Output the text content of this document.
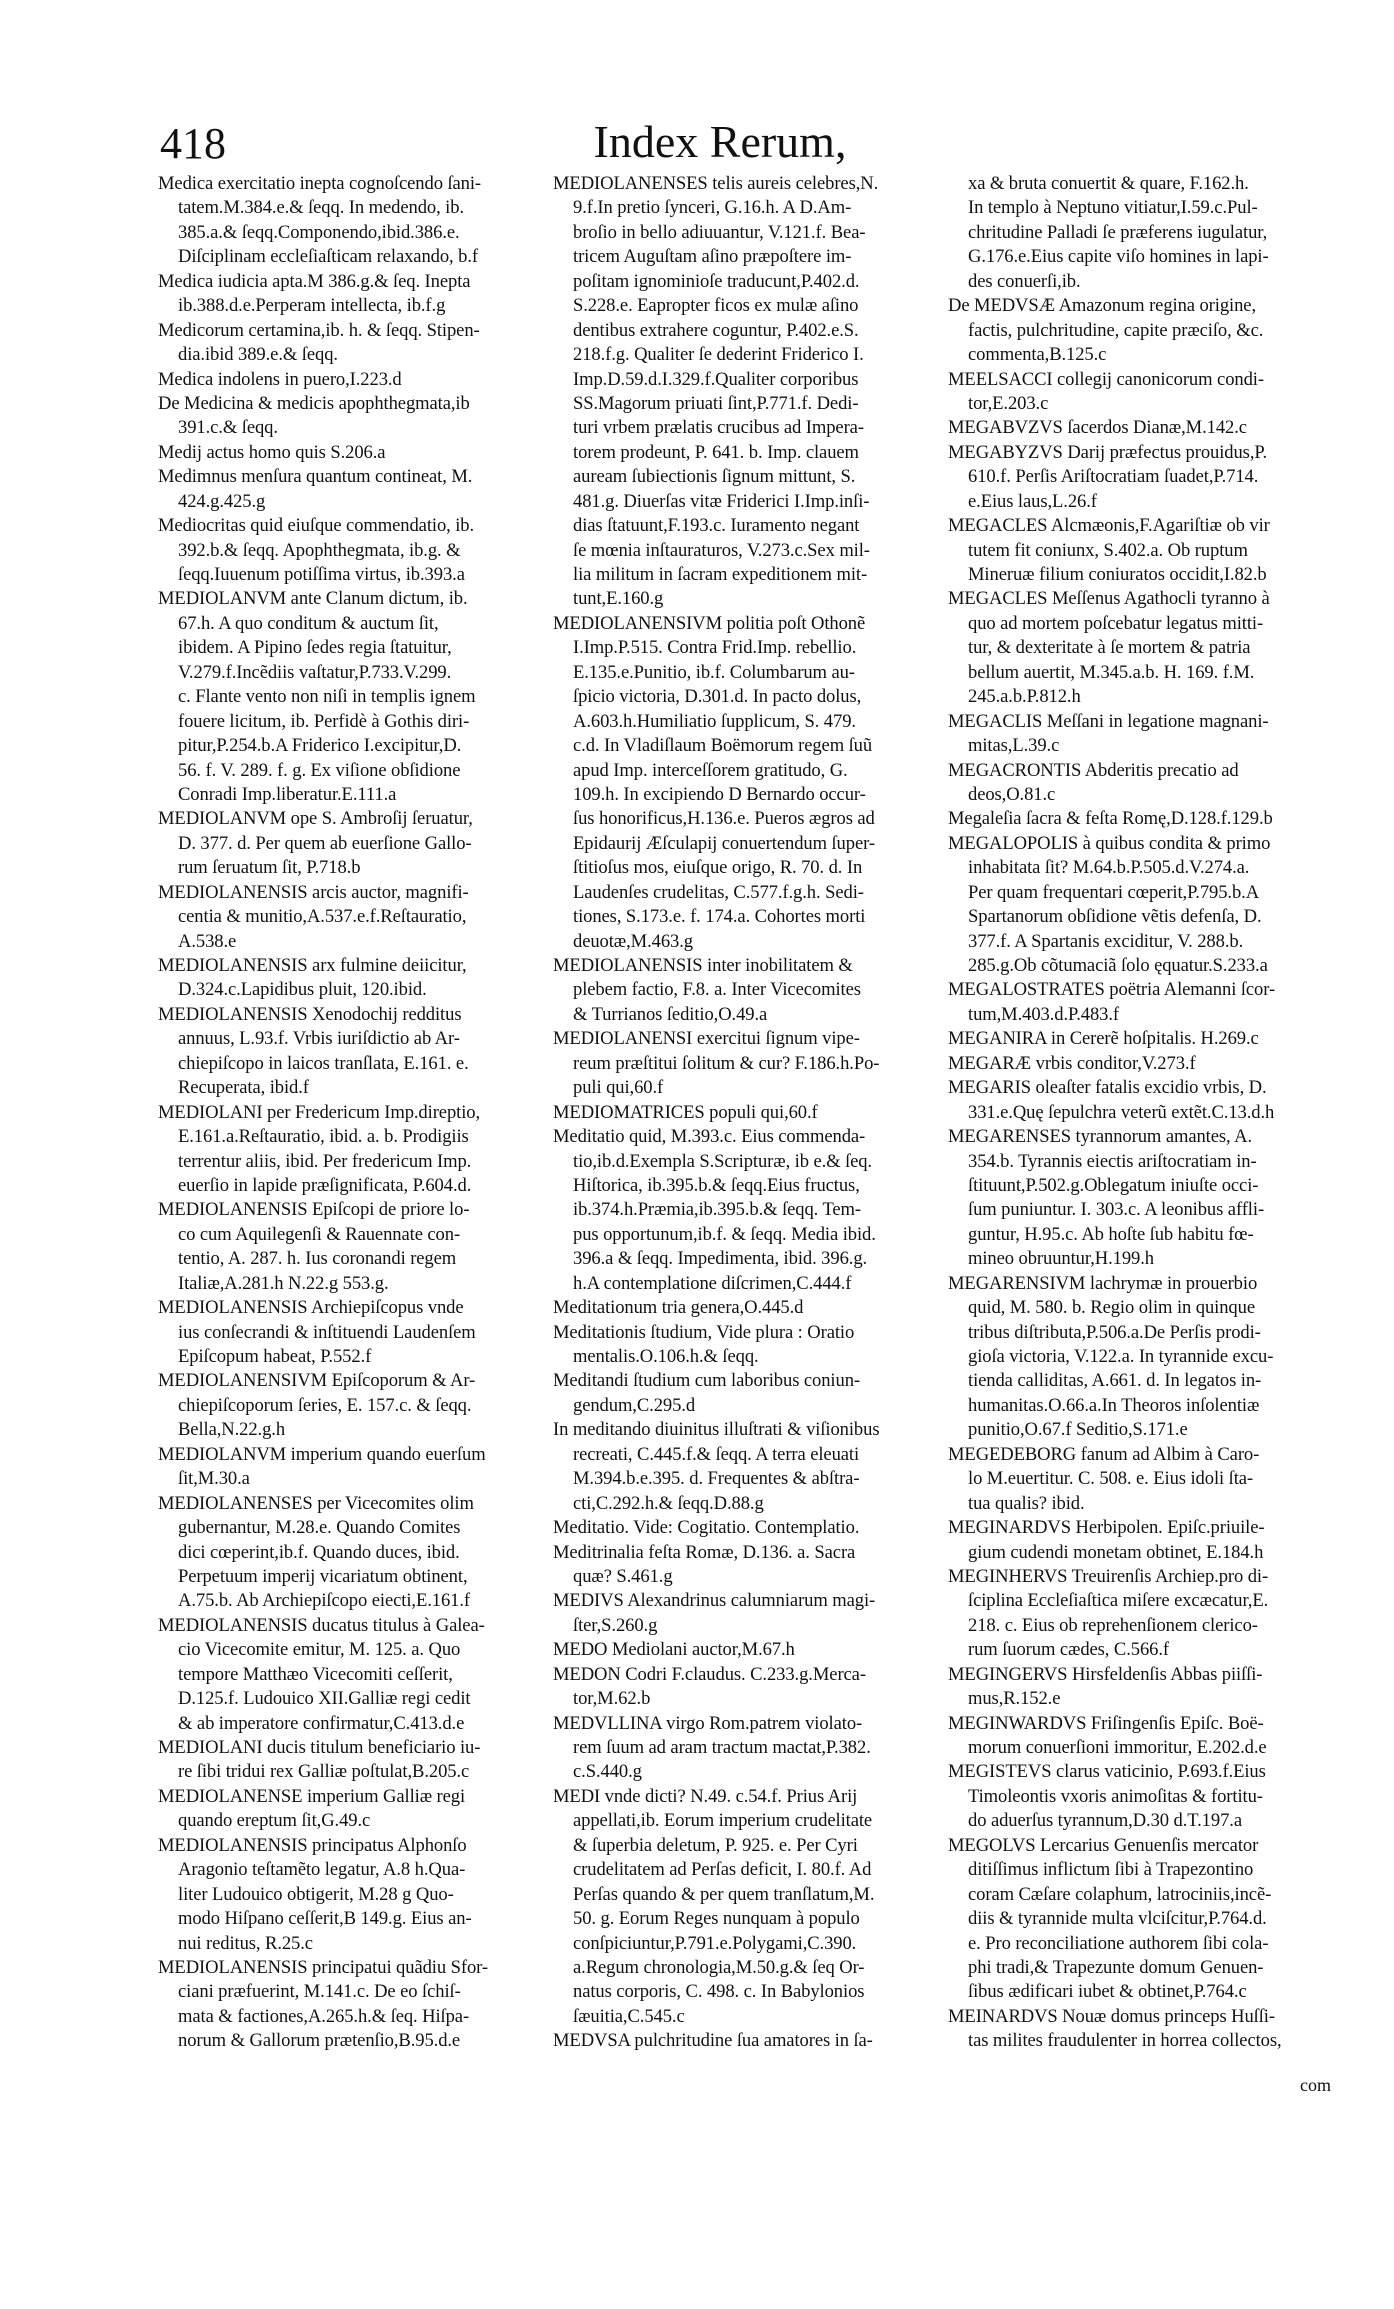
418	Index Rerum,
Medica exercitatio inepta cognoſcendo ſani-
tatem.M.384.e.& ſeqq. In medendo, ib.
385.a.& ſeqq.Componendo,ibid.386.e.
Diſciplinam eccleſiaſticam relaxando, b.f
Medica iudicia apta.M 386.g.& ſeq. Inepta
ib.388.d.e.Perperam intellecta, ib.f.g
Medicorum certamina,ib. h. & ſeqq. Stipen-
dia.ibid 389.e.& ſeqq.
Medica indolens in puero,I.223.d
De Medicina & medicis apophthegmata,ib
391.c.& ſeqq.
Medij actus homo quis S.206.a
Medimnus menſura quantum contineat, M.
424.g.425.g
Mediocritas quid eiuſque commendatio, ib.
392.b.& ſeqq. Apophthegmata, ib.g. &
ſeqq.Iuuenum potiſſima virtus, ib.393.a
MEDIOLANVM ante Clanum dictum, ib.
67.h. A quo conditum & auctum ſit,
ibidem. A Pipino ſedes regia ſtatuitur,
V.279.f.Incẽdiis vaſtatur,P.733.V.299.
c. Flante vento non niſi in templis ignem
fouere licitum, ib. Perfidè à Gothis diri-
pitur,P.254.b.A Friderico I.excipitur,D.
56. f. V. 289. f. g. Ex viſione obſidione
Conradi Imp.liberatur.E.111.a
MEDIOLANVM ope S. Ambroſij ſeruatur,
D. 377. d. Per quem ab euerſione Gallo-
rum ſeruatum ſit, P.718.b
MEDIOLANENSIS arcis auctor, magnifi-
centia & munitio,A.537.e.f.Reſtauratio,
A.538.e
MEDIOLANENSIS arx fulmine deiicitur,
D.324.c.Lapidibus pluit, 120.ibid.
MEDIOLANENSIS Xenodochij redditus
annuus, L.93.f. Vrbis iuriſdictio ab Ar-
chiepiſcopo in laicos tranſlata, E.161. e.
Recuperata, ibid.f
MEDIOLANI per Fredericum Imp.direptio,
E.161.a.Reſtauratio, ibid. a. b. Prodigiis
terrentur aliis, ibid. Per fredericum Imp.
euerſio in lapide præſignificata, P.604.d.
MEDIOLANENSIS Epiſcopi de priore lo-
co cum Aquilegenſi & Rauennate con-
tentio, A. 287. h. Ius coronandi regem
Italiæ,A.281.h N.22.g 553.g.
MEDIOLANENSIS Archiepiſcopus vnde
ius conſecrandi & inſtituendi Laudenſem
Epiſcopum habeat, P.552.f
MEDIOLANENSIVM Epiſcoporum & Ar-
chiepiſcoporum ſeries, E. 157.c. & ſeqq.
Bella,N.22.g.h
MEDIOLANVM imperium quando euerſum
ſit,M.30.a
MEDIOLANENSES per Vicecomites olim
gubernantur, M.28.e. Quando Comites
dici cœperint,ib.f. Quando duces, ibid.
Perpetuum imperij vicariatum obtinent,
A.75.b. Ab Archiepiſcopo eiecti,E.161.f
MEDIOLANENSIS ducatus titulus à Galea-
cio Vicecomite emitur, M. 125. a. Quo
tempore Matthæo Vicecomiti ceſſerit,
D.125.f. Ludouico XII.Galliæ regi cedit
& ab imperatore confirmatur,C.413.d.e
MEDIOLANI ducis titulum beneficiario iu-
re ſibi tridui rex Galliæ poſtulat,B.205.c
MEDIOLANENSE imperium Galliæ regi
quando ereptum ſit,G.49.c
MEDIOLANENSIS principatus Alphonſo
Aragonio teſtamẽto legatur, A.8 h.Qua-
liter Ludouico obtigerit, M.28 g Quo-
modo Hiſpano ceſſerit,B 149.g. Eius an-
nui reditus, R.25.c
MEDIOLANENSIS principatui quãdiu Sfor-
ciani præfuerint, M.141.c. De eo ſchiſ-
mata & factiones,A.265.h.& ſeq. Hiſpa-
norum & Gallorum prætenſio,B.95.d.e
MEDIOLANENSES telis aureis celebres,N.
9.f.In pretio ſynceri, G.16.h. A D.Am-
broſio in bello adiuuantur, V.121.f. Bea-
tricem Auguſtam aſino præpoſtere im-
poſitam ignominioſe traducunt,P.402.d.
S.228.e. Eapropter ficos ex mulæ aſino
dentibus extrahere coguntur, P.402.e.S.
218.f.g. Qualiter ſe dederint Friderico I.
Imp.D.59.d.I.329.f.Qualiter corporibus
SS.Magorum priuati ſint,P.771.f. Dedi-
turi vrbem prælatis crucibus ad Impera-
torem prodeunt, P. 641. b. Imp. clauem
auream ſubiectionis ſignum mittunt, S.
481.g. Diuerſas vitæ Friderici I.Imp.inſi-
dias ſtatuunt,F.193.c. Iuramento negant
ſe mœnia inſtauraturos, V.273.c.Sex mil-
lia militum in ſacram expeditionem mit-
tunt,E.160.g
MEDIOLANENSIVM politia poſt Othonẽ
I.Imp.P.515. Contra Frid.Imp. rebellio.
E.135.e.Punitio, ib.f. Columbarum au-
ſpicio victoria, D.301.d. In pacto dolus,
A.603.h.Humiliatio ſupplicum, S. 479.
c.d. In Vladiſlaum Boëmorum regem ſuũ
apud Imp. interceſſorem gratitudo, G.
109.h. In excipiendo D Bernardo occur-
ſus honorificus,H.136.e. Pueros ægros ad
Epidaurij Æſculapij conuertendum ſuper-
ſtitioſus mos, eiuſque origo, R. 70. d. In
Laudenſes crudelitas, C.577.f.g.h. Sedi-
tiones, S.173.e. f. 174.a. Cohortes morti
deuotæ,M.463.g
MEDIOLANENSIS inter inobilitatem &
plebem factio, F.8. a. Inter Vicecomites
& Turrianos ſeditio,O.49.a
MEDIOLANENSI exercitui ſignum vipe-
reum præſtitui ſolitum & cur? F.186.h.Po-
puli qui,60.f
MEDIOMATRICES populi qui,60.f
Meditatio quid, M.393.c. Eius commenda-
tio,ib.d.Exempla S.Scripturæ, ib e.& ſeq.
Hiſtorica, ib.395.b.& ſeqq.Eius fructus,
ib.374.h.Præmia,ib.395.b.& ſeqq. Tem-
pus opportunum,ib.f. & ſeqq. Media ibid.
396.a & ſeqq. Impedimenta, ibid. 396.g.
h.A contemplatione diſcrimen,C.444.f
Meditationum tria genera,O.445.d
Meditationis ſtudium, Vide plura : Oratio
mentalis.O.106.h.& ſeqq.
Meditandi ſtudium cum laboribus coniun-
gendum,C.295.d
In meditando diuinitus illuſtrati & viſionibus
recreati, C.445.f.& ſeqq. A terra eleuati
M.394.b.e.395. d. Frequentes & abſtra-
cti,C.292.h.& ſeqq.D.88.g
Meditatio. Vide: Cogitatio. Contemplatio.
Meditrinalia feſta Romæ, D.136. a. Sacra
quæ? S.461.g
MEDIVS Alexandrinus calumniarum magi-
ſter,S.260.g
MEDO Mediolani auctor,M.67.h
MEDON Codri F.claudus. C.233.g.Merca-
tor,M.62.b
MEDVLLINA virgo Rom.patrem violato-
rem ſuum ad aram tractum mactat,P.382.
c.S.440.g
MEDI vnde dicti? N.49. c.54.f. Prius Arij
appellati,ib. Eorum imperium crudelitate
& ſuperbia deletum, P. 925. e. Per Cyri
crudelitatem ad Perſas deficit, I. 80.f. Ad
Perſas quando & per quem tranſlatum,M.
50. g. Eorum Reges nunquam à populo
conſpiciuntur,P.791.e.Polygami,C.390.
a.Regum chronologia,M.50.g.& ſeq Or-
natus corporis, C. 498. c. In Babylonios
ſæuitia,C.545.c
MEDVSA pulchritudine ſua amatores in ſa-
xa & bruta conuertit & quare, F.162.h.
In templo à Neptuno vitiatur,I.59.c.Pul-
chritudine Palladi ſe præferens iugulatur,
G.176.e.Eius capite viſo homines in lapi-
des conuerſi,ib.
De MEDVSÆ Amazonum regina origine,
factis, pulchritudine, capite præciſo, &c.
commenta,B.125.c
MEELSACCI collegij canonicorum condi-
tor,E.203.c
MEGABVZVS ſacerdos Dianæ,M.142.c
MEGABYZVS Darij præfectus prouidus,P.
610.f. Perſis Ariſtocratiam ſuadet,P.714.
e.Eius laus,L.26.f
MEGACLES Alcmæonis,F.Agariſtiæ ob vir
tutem fit coniunx, S.402.a. Ob ruptum
Mineruæ filium coniuratos occidit,I.82.b
MEGACLES Meſſenus Agathocli tyranno à
quo ad mortem poſcebatur legatus mitti-
tur, & dexteritate à ſe mortem & patria
bellum auertit, M.345.a.b. H. 169. f.M.
245.a.b.P.812.h
MEGACLIS Meſſani in legatione magnani-
mitas,L.39.c
MEGACRONTIS Abderitis precatio ad
deos,O.81.c
Megaleſia ſacra & feſta Romę,D.128.f.129.b
MEGALOPOLIS à quibus condita & primo
inhabitata ſit? M.64.b.P.505.d.V.274.a.
Per quam frequentari cœperit,P.795.b.A
Spartanorum obſidione vẽtis defenſa, D.
377.f. A Spartanis exciditur, V. 288.b.
285.g.Ob cõtumaciã ſolo ęquatur.S.233.a
MEGALOSTRATES poëtria Alemanni ſcor-
tum,M.403.d.P.483.f
MEGANIRA in Cererẽ hoſpitalis. H.269.c
MEGARÆ vrbis conditor,V.273.f
MEGARIS oleaſter fatalis excidio vrbis, D.
331.e.Quę ſepulchra veterũ extẽt.C.13.d.h
MEGARENSES tyrannorum amantes, A.
354.b. Tyrannis eiectis ariſtocratiam in-
ſtituunt,P.502.g.Oblegatum iniuſte occi-
ſum puniuntur. I. 303.c. A leonibus affli-
guntur, H.95.c. Ab hoſte ſub habitu fœ-
mineo obruuntur,H.199.h
MEGARENSIVM lachrymæ in prouerbio
quid, M. 580. b. Regio olim in quinque
tribus diſtributa,P.506.a.De Perſis prodi-
gioſa victoria, V.122.a. In tyrannide excu-
tienda calliditas, A.661. d. In legatos in-
humanitas.O.66.a.In Theoros inſolentiæ
punitio,O.67.f Seditio,S.171.e
MEGEDEBORG fanum ad Albim à Caro-
lo M.euertitur. C. 508. e. Eius idoli ſta-
tua qualis? ibid.
MEGINARDVS Herbipolen. Epiſc.priuile-
gium cudendi monetam obtinet, E.184.h
MEGINHERVS Treuirenſis Archiep.pro di-
ſciplina Eccleſiaſtica miſere excæcatur,E.
218. c. Eius ob reprehenſionem clerico-
rum ſuorum cædes, C.566.f
MEGINGERVS Hirsfeldenſis Abbas piiſſi-
mus,R.152.e
MEGINWARDVS Friſingenſis Epiſc. Boë-
morum conuerſioni immoritur, E.202.d.e
MEGISTEVS clarus vaticinio, P.693.f.Eius
Timoleontis vxoris animoſitas & fortitu-
do aduerſus tyrannum,D.30 d.T.197.a
MEGOLVS Lercarius Genuenſis mercator
ditiſſimus inflictum ſibi à Trapezontino
coram Cæſare colaphum, latrociniis,incẽ-
diis & tyrannide multa vlciſcitur,P.764.d.
e. Pro reconciliatione authorem ſibi cola-
phi tradi,& Trapezunte domum Genuen-
ſibus ædificari iubet & obtinet,P.764.c
MEINARDVS Nouæ domus princeps Huſſi-
tas milites fraudulenter in horrea collectos,
com
